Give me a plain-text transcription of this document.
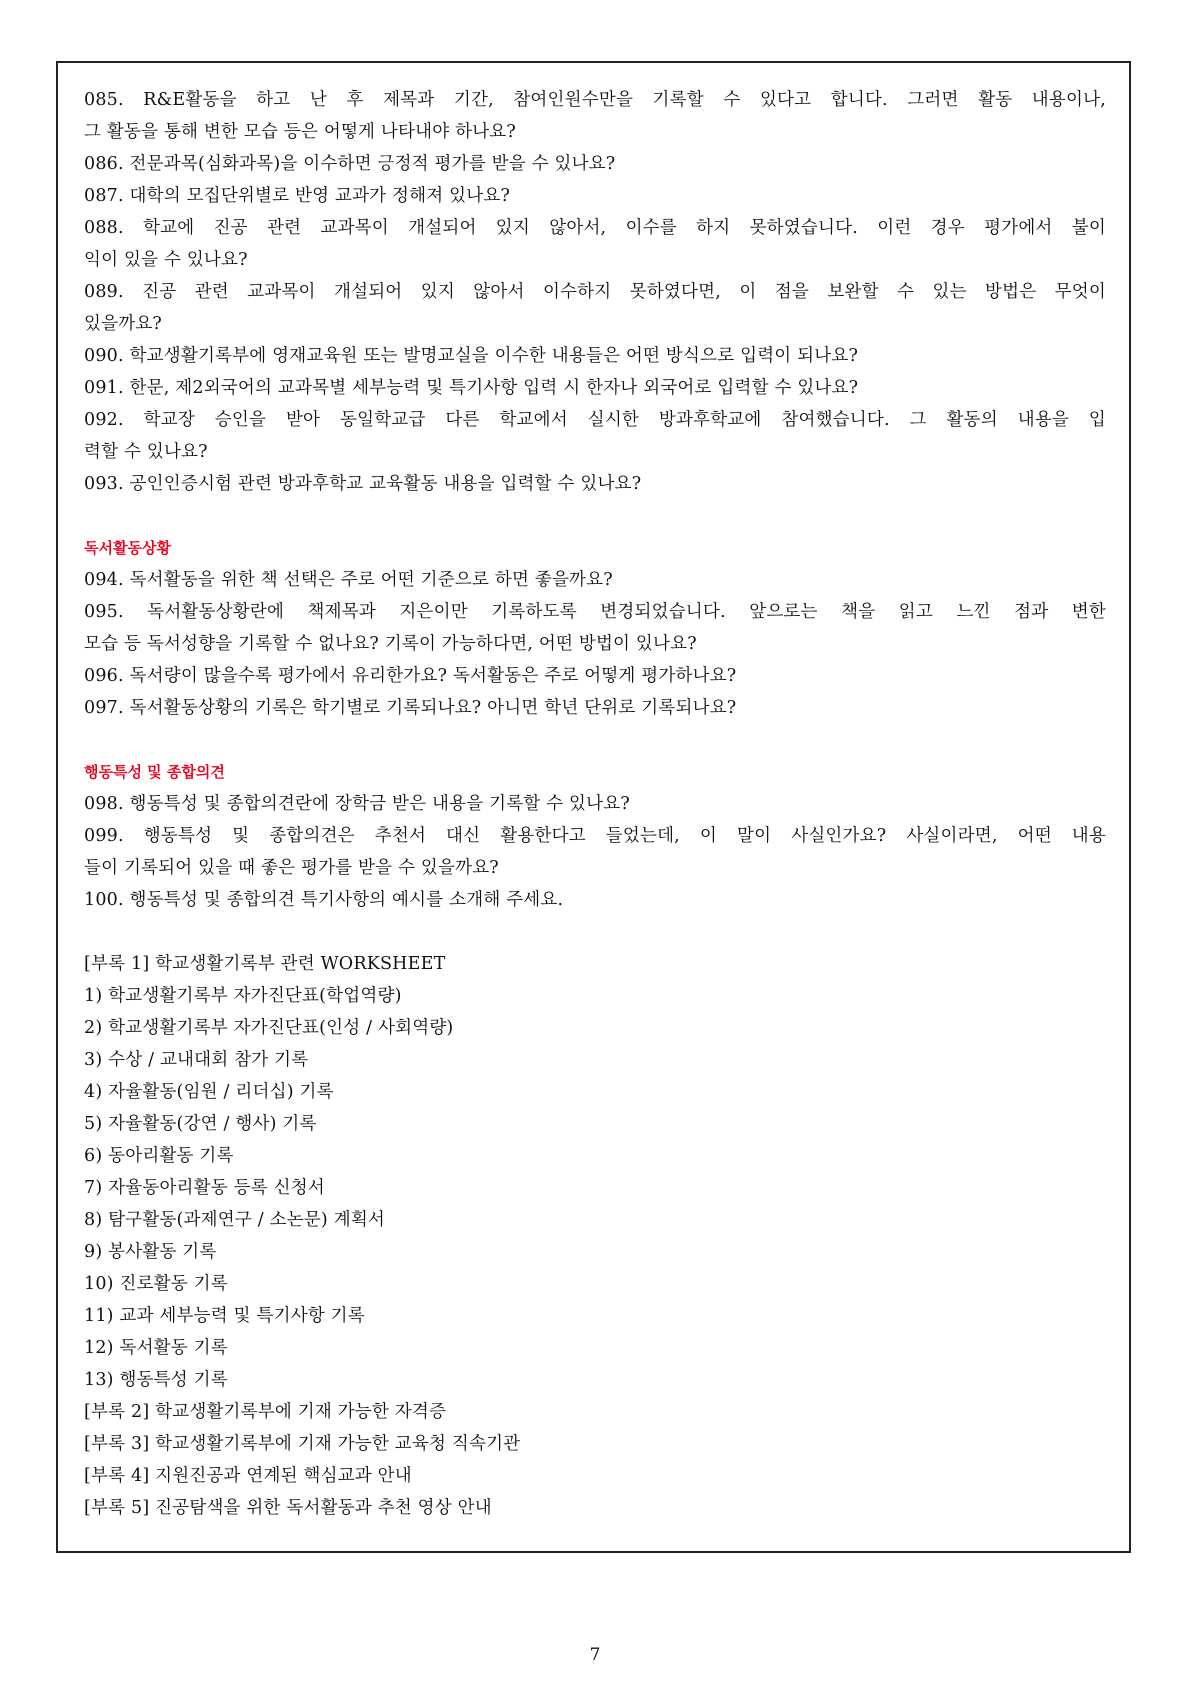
085. R&E활동을 하고 난 후 제목과 기간, 참여인원수만을 기록할 수 있다고 합니다. 그러면 활동 내용이나,
그 활동을 통해 변한 모습 등은 어떻게 나타내야 하나요?
086. 전문과목(심화과목)을 이수하면 긍정적 평가를 받을 수 있나요?
087. 대학의 모집단위별로 반영 교과가 정해져 있나요?
088. 학교에 진공 관련 교과목이 개설되어 있지 않아서, 이수를 하지 못하였습니다. 이런 경우 평가에서 불이
익이 있을 수 있나요?
089. 진공 관련 교과목이 개설되어 있지 않아서 이수하지 못하였다면, 이 점을 보완할 수 있는 방법은 무엇이
있을까요?
090. 학교생활기록부에 영재교육원 또는 발명교실을 이수한 내용들은 어떤 방식으로 입력이 되나요?
091. 한문, 제2외국어의 교과목별 세부능력 및 특기사항 입력 시 한자나 외국어로 입력할 수 있나요?
092. 학교장 승인을 받아 동일학교급 다른 학교에서 실시한 방과후학교에 참여했습니다. 그 활동의 내용을 입
력할 수 있나요?
093. 공인인증시험 관련 방과후학교 교육활동 내용을 입력할 수 있나요?
독서활동상황
094. 독서활동을 위한 책 선택은 주로 어떤 기준으로 하면 좋을까요?
095. 독서활동상황란에 책제목과 지은이만 기록하도록 변경되었습니다. 앞으로는 책을 읽고 느낀 점과 변한
모습 등 독서성향을 기록할 수 없나요? 기록이 가능하다면, 어떤 방법이 있나요?
096. 독서량이 많을수록 평가에서 유리한가요? 독서활동은 주로 어떻게 평가하나요?
097. 독서활동상황의 기록은 학기별로 기록되나요? 아니면 학년 단위로 기록되나요?
행동특성 및 종합의견
098. 행동특성 및 종합의견란에 장학금 받은 내용을 기록할 수 있나요?
099. 행동특성 및 종합의견은 추천서 대신 활용한다고 들었는데, 이 말이 사실인가요? 사실이라면, 어떤 내용
들이 기록되어 있을 때 좋은 평가를 받을 수 있을까요?
100. 행동특성 및 종합의견 특기사항의 예시를 소개해 주세요.
[부록 1] 학교생활기록부 관련 WORKSHEET
1) 학교생활기록부 자가진단표(학업역량)
2) 학교생활기록부 자가진단표(인성 / 사회역량)
3) 수상 / 교내대회 참가 기록
4) 자율활동(임원 / 리더십) 기록
5) 자율활동(강연 / 행사) 기록
6) 동아리활동 기록
7) 자율동아리활동 등록 신청서
8) 탐구활동(과제연구 / 소논문) 계획서
9) 봉사활동 기록
10) 진로활동 기록
11) 교과 세부능력 및 특기사항 기록
12) 독서활동 기록
13) 행동특성 기록
[부록 2] 학교생활기록부에 기재 가능한 자격증
[부록 3] 학교생활기록부에 기재 가능한 교육청 직속기관
[부록 4] 지원진공과 연계된 핵심교과 안내
[부록 5] 진공탐색을 위한 독서활동과 추천 영상 안내
7
